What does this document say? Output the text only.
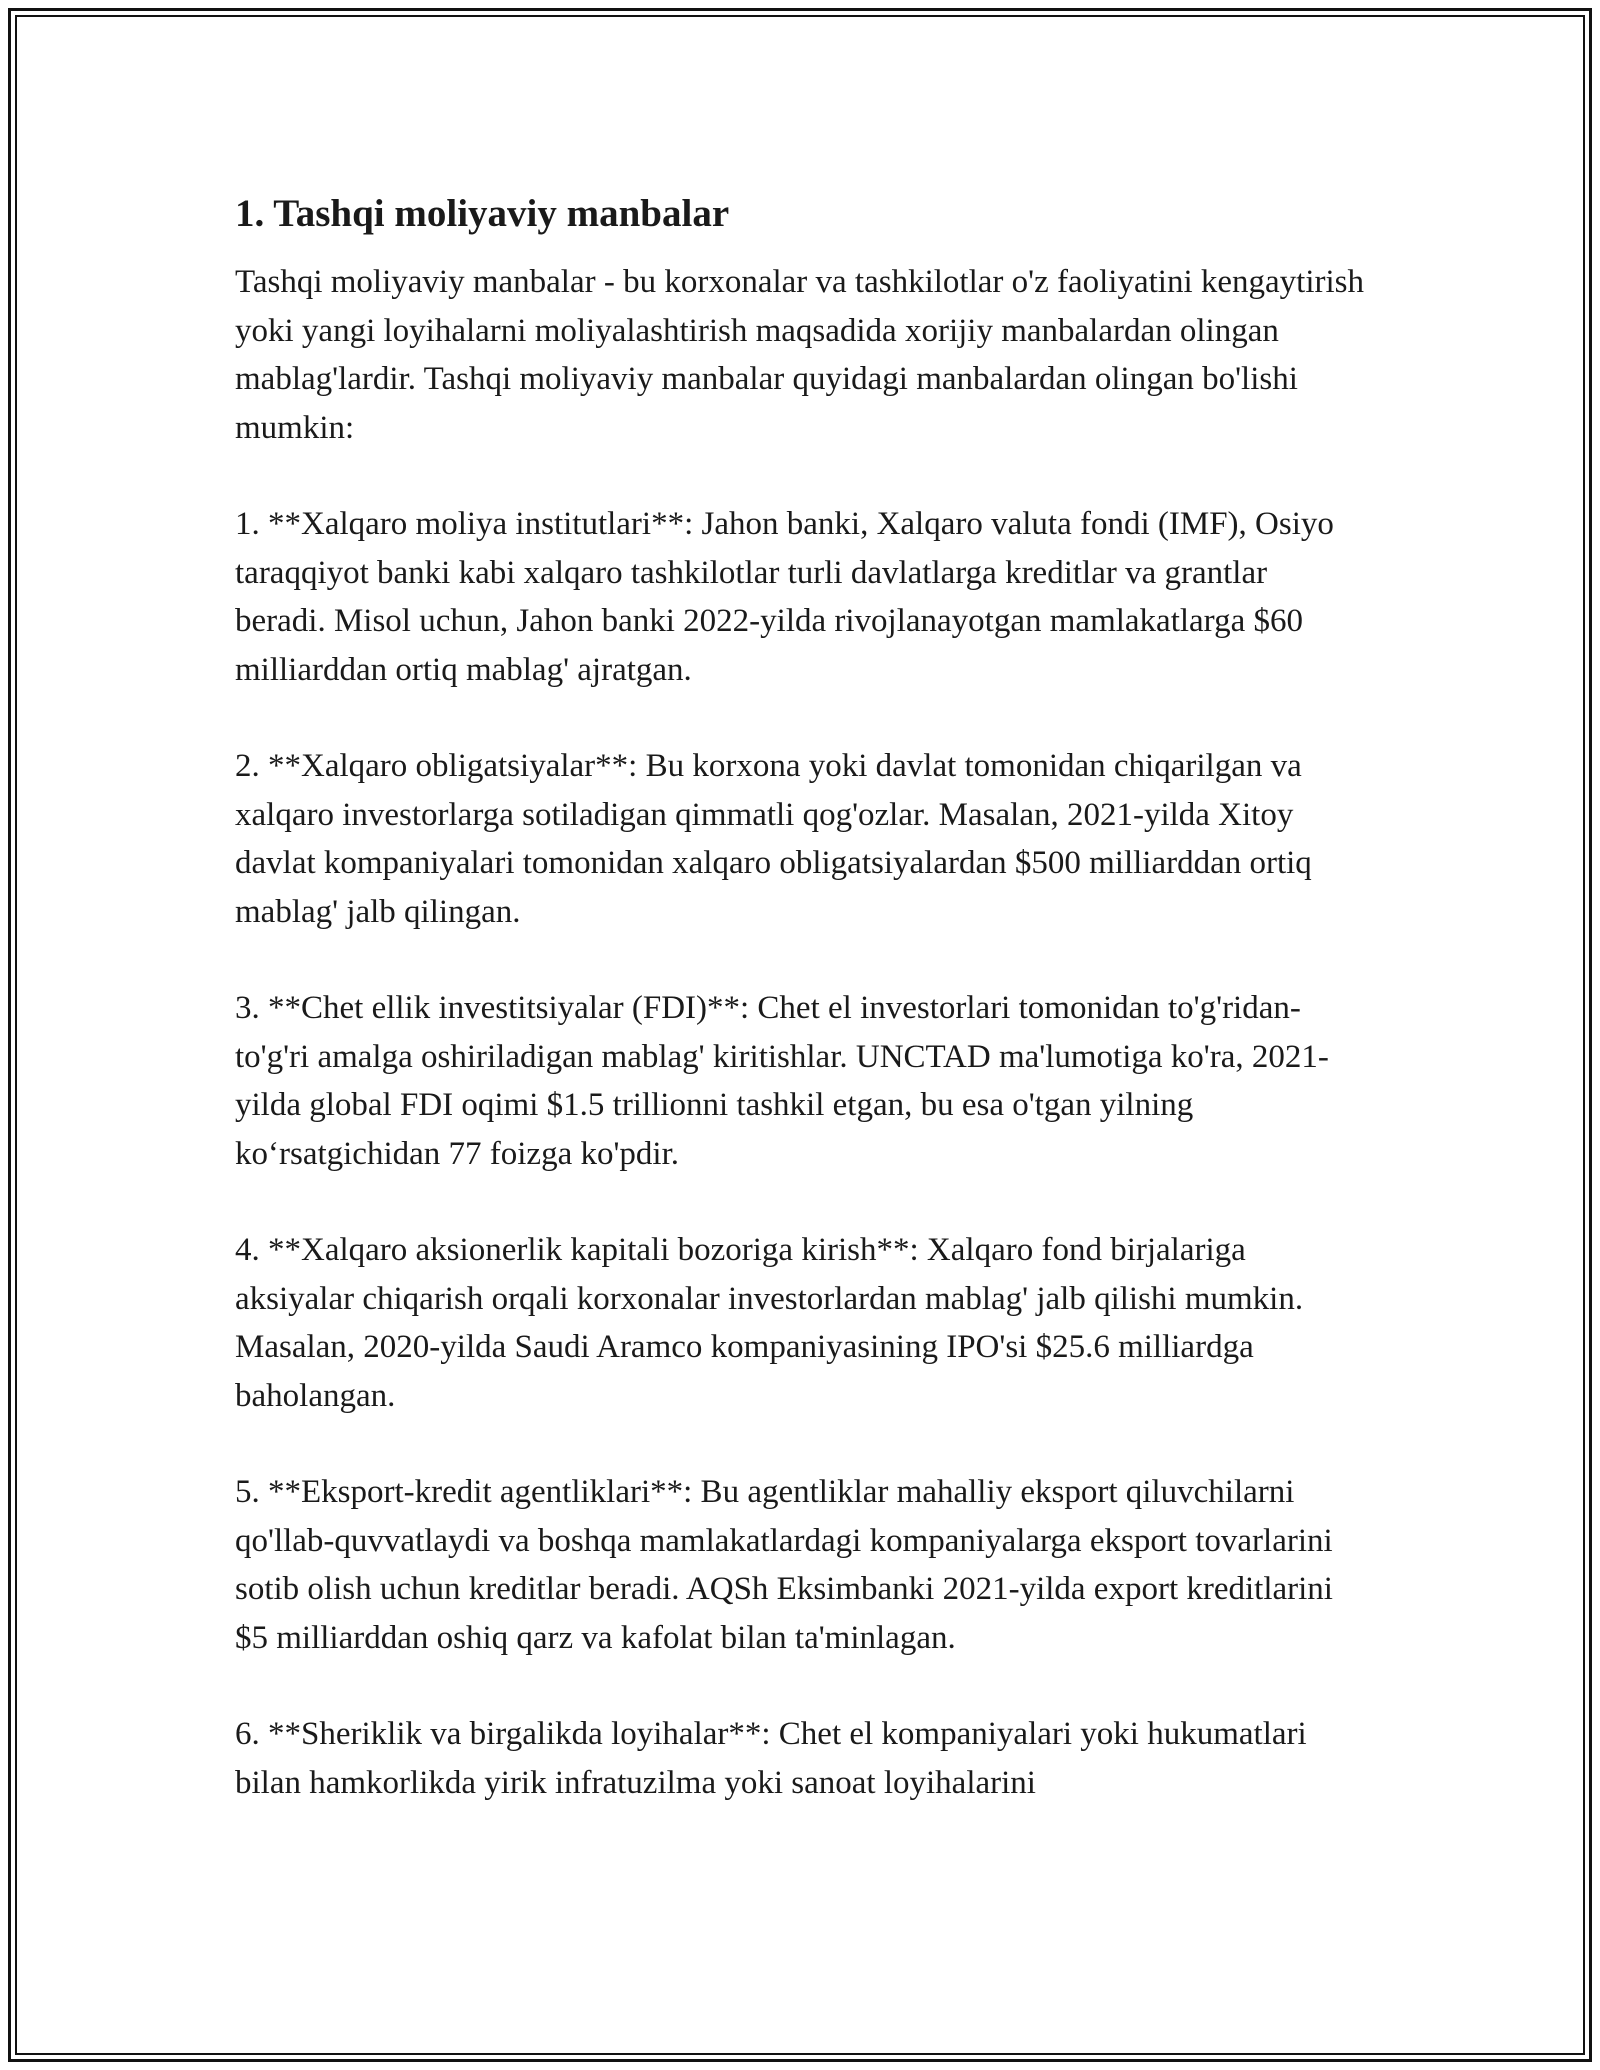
1. Tashqi moliyaviy manbalar

Tashqi moliyaviy manbalar - bu korxonalar va tashkilotlar o'z faoliyatini kengaytirish yoki yangi loyihalarni moliyalashtirish maqsadida xorijiy manbalardan olingan mablag'lardir. Tashqi moliyaviy manbalar quyidagi manbalardan olingan bo'lishi mumkin:

1. **Xalqaro moliya institutlari**: Jahon banki, Xalqaro valuta fondi (IMF), Osiyo taraqqiyot banki kabi xalqaro tashkilotlar turli davlatlarga kreditlar va grantlar beradi. Misol uchun, Jahon banki 2022-yilda rivojlanayotgan mamlakatlarga $60 milliarddan ortiq mablag' ajratgan.

2. **Xalqaro obligatsiyalar**: Bu korxona yoki davlat tomonidan chiqarilgan va xalqaro investorlarga sotiladigan qimmatli qog'ozlar. Masalan, 2021-yilda Xitoy davlat kompaniyalari tomonidan xalqaro obligatsiyalardan $500 milliarddan ortiq mablag' jalb qilingan.

3. **Chet ellik investitsiyalar (FDI)**: Chet el investorlari tomonidan to'g'ridan-to'g'ri amalga oshiriladigan mablag' kiritishlar. UNCTAD ma'lumotiga ko'ra, 2021-yilda global FDI oqimi $1.5 trillionni tashkil etgan, bu esa o'tgan yilning ko‘rsatgichidan 77 foizga ko'pdir.

4. **Xalqaro aksionerlik kapitali bozoriga kirish**: Xalqaro fond birjalariga aksiyalar chiqarish orqali korxonalar investorlardan mablag' jalb qilishi mumkin. Masalan, 2020-yilda Saudi Aramco kompaniyasining IPO'si $25.6 milliardga baholangan.

5. **Eksport-kredit agentliklari**: Bu agentliklar mahalliy eksport qiluvchilarni qo'llab-quvvatlaydi va boshqa mamlakatlardagi kompaniyalarga eksport tovarlarini sotib olish uchun kreditlar beradi. AQSh Eksimbanki 2021-yilda export kreditlarini $5 milliarddan oshiq qarz va kafolat bilan ta'minlagan.

6. **Sheriklik va birgalikda loyihalar**: Chet el kompaniyalari yoki hukumatlari bilan hamkorlikda yirik infratuzilma yoki sanoat loyihalarini
